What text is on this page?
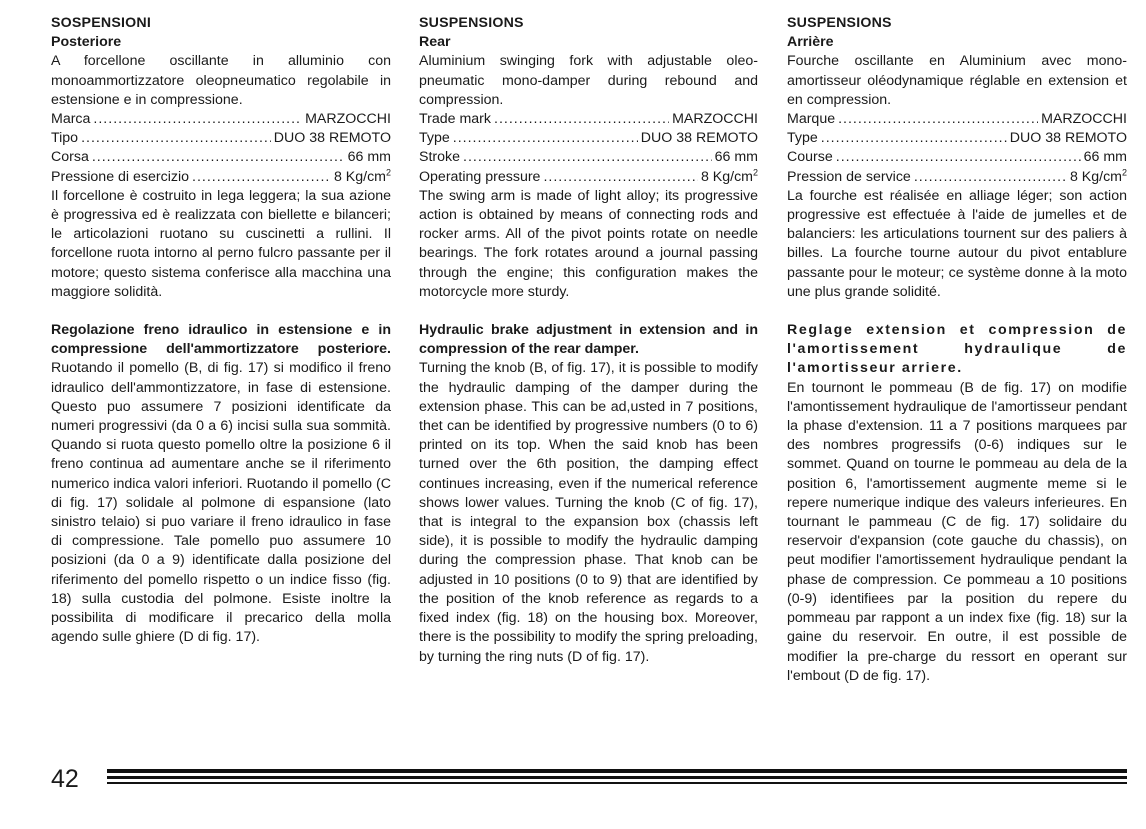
SOSPENSIONI

Posteriore

A forcellone oscillante in alluminio con monoammortizzatore oleopneumatico regolabile in estensione e in compressione.

Marca .....	MARZOCCHI
Tipo .....	DUO 38 REMOTO
Corsa .....	66 mm
Pressione di esercizio .....	8 $Kg/cm^2$

Il forcellone è costruito in lega leggera; la sua azione è progressiva ed è realizzata con biellette e bilanceri; le articolazioni ruotano su cuscinetti a rullini. Il forcellone ruota intorno al perno fulcro passante per il motore; questo sistema conferisce alla macchina una maggiore solidità.

Regolazione freno idraulico in estensione e in compressione dell'ammortizzatore posteriore. Ruotando il pomello (B, di fig. 17) si modifico il freno idraulico dell'ammontizzatore, in fase di estensione. Questo puo assumere 7 posizioni identificate da numeri progressivi (da 0 a 6) incisi sulla sua sommità. Quando si ruota questo pomello oltre la posizione 6 il freno continua ad aumentare anche se il riferimento numerico indica valori inferiori. Ruotando il pomello (C di fig. 17) solidale al polmone di espansione (lato sinistro telaio) si puo variare il freno idraulico in fase di compressione. Tale pomello puo assumere 10 posizioni (da 0 a 9) identificate dalla posizione del riferimento del pomello rispetto o un indice fisso (fig. 18) sulla custodia del polmone. Esiste inoltre la possibilita di modificare il precarico della molla agendo sulle ghiere (D di fig. 17).

SUSPENSIONS

Rear

Aluminium swinging fork with adjustable oleo-pneumatic mono-damper during rebound and compression.

Trade mark .....	MARZOCCHI
Type .....	DUO 38 REMOTO
Stroke .....	66 mm
Operating pressure .....	8 $Kg/cm^2$

The swing arm is made of light alloy; its progressive action is obtained by means of connecting rods and rocker arms. All of the pivot points rotate on needle bearings. The fork rotates around a journal passing through the engine; this configuration makes the motorcycle more sturdy.

Hydraulic brake adjustment in extension and in compression of the rear damper.

Turning the knob (B, of fig. 17), it is possible to modify the hydraulic damping of the damper during the extension phase. This can be ad,usted in 7 positions, thet can be identified by progressive numbers (0 to 6) printed on its top. When the said knob has been turned over the 6th position, the damping effect continues increasing, even if the numerical reference shows lower values. Turning the knob (C of fig. 17), that is integral to the expansion box (chassis left side), it is possible to modify the hydraulic damping during the compression phase. That knob can be adjusted in 10 positions (0 to 9) that are identified by the position of the knob reference as regards to a fixed index (fig. 18) on the housing box. Moreover, there is the possibility to modify the spring preloading, by turning the ring nuts (D of fig. 17).

SUSPENSIONS

Arrière

Fourche oscillante en Aluminium avec mono-amortisseur oléodynamique réglable en extension et en compression.

Marque .....	MARZOCCHI
Type .....	DUO 38 REMOTO
Course .....	66 mm
Pression de service .....	8 $Kg/cm^2$

La fourche est réalisée en alliage léger; son action progressive est effectuée à l'aide de jumelles et de balanciers: les articulations tournent sur des paliers à billes. La fourche tourne autour du pivot entablure passante pour le moteur; ce système donne à la moto une plus grande solidité.

Reglage extension et compression de l'amortissement hydraulique de l'amortisseur arriere.

En tournont le pommeau (B de fig. 17) on modifie l'amontissement hydraulique de l'amortisseur pendant la phase d'extension. 11 a 7 positions marquees par des nombres progressifs (0-6) indiques sur le sommet. Quand on tourne le pommeau au dela de la position 6, l'amortissement augmente meme si le repere numerique indique des valeurs inferieures. En tournant le pammeau (C de fig. 17) solidaire du reservoir d'expansion (cote gauche du chassis), on peut modifier l'amortissement hydraulique pendant la phase de compression. Ce pommeau a 10 positions (0-9) identifiees par la position du repere du pommeau par rappont a un index fixe (fig. 18) sur la gaine du reservoir. En outre, il est possible de modifier la pre-charge du ressort en operant sur l'embout (D de fig. 17).

42
